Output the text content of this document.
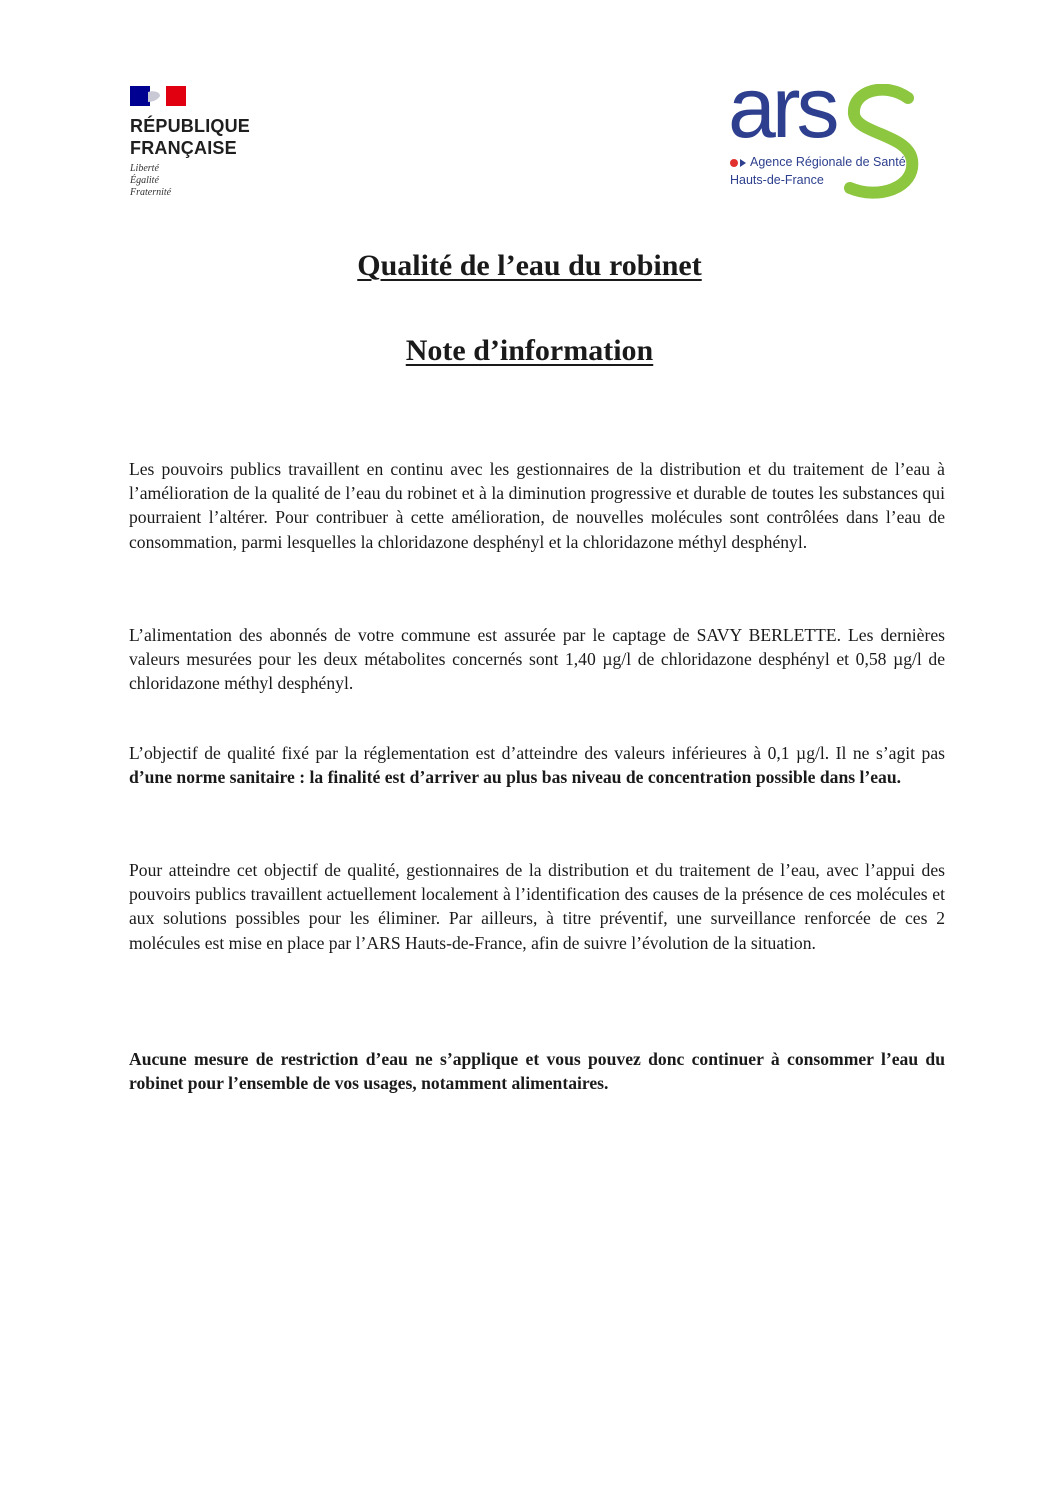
RÉPUBLIQUE FRANÇAISE
Liberté
Égalité
Fraternité
ars
Agence Régionale de Santé
Hauts-de-France
Qualité de l’eau du robinet
Note d’information

Les pouvoirs publics travaillent en continu avec les gestionnaires de la distribution et du traitement de l’eau à l’amélioration de la qualité de l’eau du robinet et à la diminution progressive et durable de toutes les substances qui pourraient l’altérer. Pour contribuer à cette amélioration, de nouvelles molécules sont contrôlées dans l’eau de consommation, parmi lesquelles la chloridazone desphényl et la chloridazone méthyl desphényl.

L’alimentation des abonnés de votre commune est assurée par le captage de SAVY BERLETTE. Les dernières valeurs mesurées pour les deux métabolites concernés sont 1,40 µg/l de chloridazone desphényl et 0,58 µg/l de chloridazone méthyl desphényl.

L’objectif de qualité fixé par la réglementation est d’atteindre des valeurs inférieures à 0,1 µg/l. Il ne s’agit pas d’une norme sanitaire : la finalité est d’arriver au plus bas niveau de concentration possible dans l’eau.

Pour atteindre cet objectif de qualité, gestionnaires de la distribution et du traitement de l’eau, avec l’appui des pouvoirs publics travaillent actuellement localement à l’identification des causes de la présence de ces molécules et aux solutions possibles pour les éliminer. Par ailleurs, à titre préventif, une surveillance renforcée de ces 2 molécules est mise en place par l’ARS Hauts-de-France, afin de suivre l’évolution de la situation.

Aucune mesure de restriction d’eau ne s’applique et vous pouvez donc continuer à consommer l’eau du robinet pour l’ensemble de vos usages, notamment alimentaires.
